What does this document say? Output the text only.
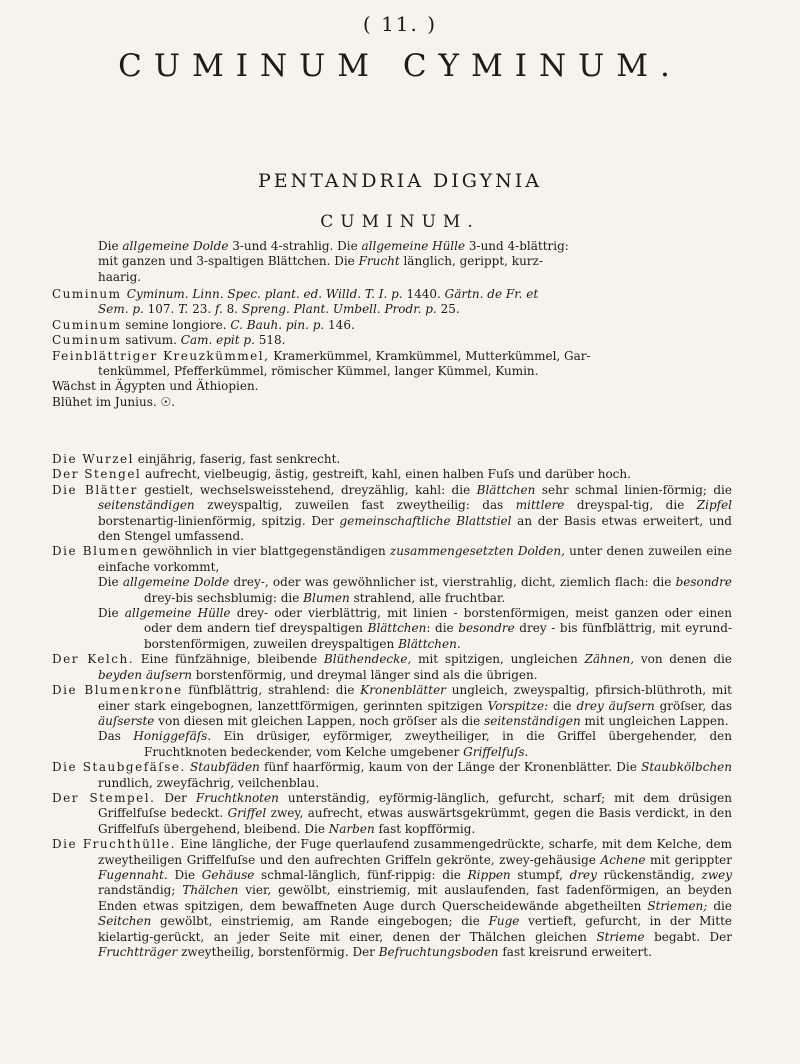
( 11. )
CUMINUM CYMINUM.
PENTANDRIA DIGYNIA
CUMINUM.
Die allgemeine Dolde 3-und 4-strahlig. Die allgemeine Hülle 3-und 4-blättrig:
mit ganzen und 3-spaltigen Blättchen. Die Frucht länglich, gerippt, kurz-
haarig.

Cuminum Cyminum. Linn. Spec. plant. ed. Willd. T. I. p. 1440. Gärtn. de Fr. et

Sem. p. 107. T. 23. f. 8. Spreng. Plant. Umbell. Prodr. p. 25.

Cuminum semine longiore. C. Bauh. pin. p. 146.

Cuminum sativum. Cam. epit p. 518.

Feinblättriger Kreuzkümmel, Kramerkümmel, Kramkümmel, Mutterkümmel, Gar-

tenkümmel, Pfefferkümmel, römischer Kümmel, langer Kümmel, Kumin.

Wächst in Ägypten und Äthiopien.

Blühet im Junius. ☉.

Die Wurzel einjährig, faserig, fast senkrecht.
Der Stengel aufrecht, vielbeugig, ästig, gestreift, kahl, einen halben Fuſs und darüber hoch.
Die Blätter gestielt, wechselsweisstehend, dreyzählig, kahl: die Blättchen sehr schmal linien-förmig; die seitenständigen zweyspaltig, zuweilen fast zweytheilig: das mittlere dreyspal-tig, die Zipfel borstenartig-linienförmig, spitzig. Der gemeinschaftliche Blattstiel an der Basis etwas erweitert, und den Stengel umfassend.
Die Blumen gewöhnlich in vier blattgegenständigen zusammengesetzten Dolden, unter denen zuweilen eine einfache vorkommt,
Die allgemeine Dolde drey-, oder was gewöhnlicher ist, vierstrahlig, dicht, ziemlich flach: die besondre drey-bis sechsblumig: die Blumen strahlend, alle fruchtbar.
Die allgemeine Hülle drey- oder vierblättrig, mit linien - borstenförmigen, meist ganzen oder einen oder dem andern tief dreyspaltigen Blättchen: die besondre drey - bis fünfblättrig, mit eyrund-borstenförmigen, zuweilen dreyspaltigen Blättchen.
Der Kelch. Eine fünfzähnige, bleibende Blüthendecke, mit spitzigen, ungleichen Zähnen, von denen die beyden äuſsern borstenförmig, und dreymal länger sind als die übrigen.
Die Blumenkrone fünfblättrig, strahlend: die Kronenblätter ungleich, zweyspaltig, pfirsich-blüthroth, mit einer stark eingebognen, lanzettförmigen, gerinnten spitzigen Vorspitze: die drey äuſsern gröſser, das äuſserste von diesen mit gleichen Lappen, noch gröſser als die seitenständigen mit ungleichen Lappen.
Das Honiggefäſs. Ein drüsiger, eyförmiger, zweytheiliger, in die Griffel übergehender, den Fruchtknoten bedeckender, vom Kelche umgebener Griffelfuſs.
Die Staubgefäſse. Staubfäden fünf haarförmig, kaum von der Länge der Kronenblätter. Die Staubkölbchen rundlich, zweyfächrig, veilchenblau.
Der Stempel. Der Fruchtknoten unterständig, eyförmig-länglich, gefurcht, scharf; mit dem drüsigen Griffelfuſse bedeckt. Griffel zwey, aufrecht, etwas auswärtsgekrümmt, gegen die Basis verdickt, in den Griffelfuſs übergehend, bleibend. Die Narben fast kopfförmig.
Die Fruchthülle. Eine längliche, der Fuge querlaufend zusammengedrückte, scharfe, mit dem Kelche, dem zweytheiligen Griffelfuſse und den aufrechten Griffeln gekrönte, zwey-gehäusige Achene mit gerippter Fugennaht. Die Gehäuse schmal-länglich, fünf-rippig: die Rippen stumpf, drey rückenständig, zwey randständig; Thälchen vier, gewölbt, einstriemig, mit auslaufenden, fast fadenförmigen, an beyden Enden etwas spitzigen, dem bewaffneten Auge durch Querscheidewände abgetheilten Striemen; die Seitchen gewölbt, einstriemig, am Rande eingebogen; die Fuge vertieft, gefurcht, in der Mitte kielartig-gerückt, an jeder Seite mit einer, denen der Thälchen gleichen Strieme begabt. Der Fruchtträger zweytheilig, borstenförmig. Der Befruchtungsboden fast kreisrund erweitert.
